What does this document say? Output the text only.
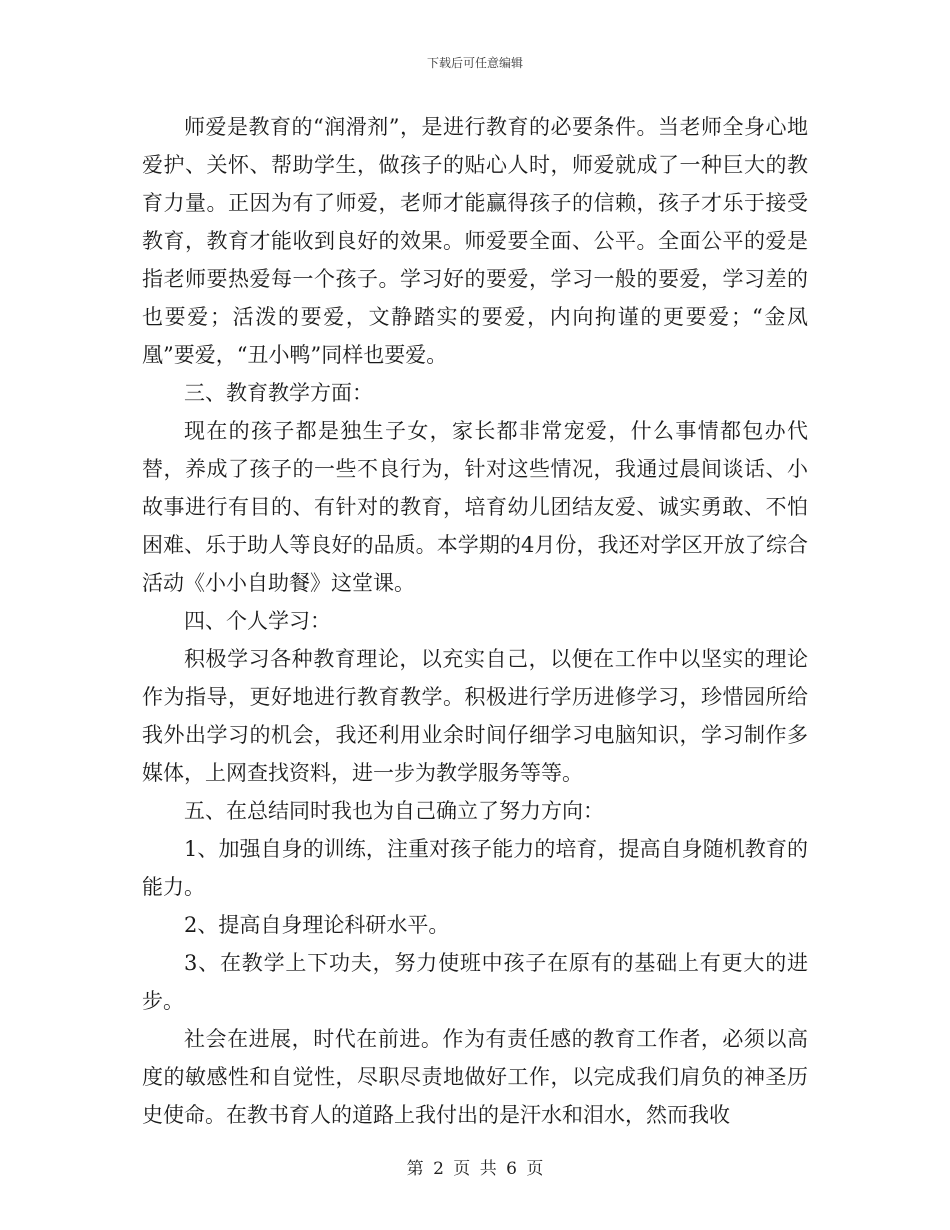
下载后可任意编辑

师爱是教育的“润滑剂”，是进行教育的必要条件。当老师全身心地爱护、关怀、帮助学生，做孩子的贴心人时，师爱就成了一种巨大的教育力量。正因为有了师爱，老师才能赢得孩子的信赖，孩子才乐于接受教育，教育才能收到良好的效果。师爱要全面、公平。全面公平的爱是指老师要热爱每一个孩子。学习好的要爱，学习一般的要爱，学习差的也要爱；活泼的要爱，文静踏实的要爱，内向拘谨的更要爱；“金凤凰”要爱，“丑小鸭”同样也要爱。

三、教育教学方面：

现在的孩子都是独生子女，家长都非常宠爱，什么事情都包办代替，养成了孩子的一些不良行为，针对这些情况，我通过晨间谈话、小故事进行有目的、有针对的教育，培育幼儿团结友爱、诚实勇敢、不怕困难、乐于助人等良好的品质。本学期的4月份，我还对学区开放了综合活动《小小自助餐》这堂课。

四、个人学习：

积极学习各种教育理论，以充实自己，以便在工作中以坚实的理论作为指导，更好地进行教育教学。积极进行学历进修学习，珍惜园所给我外出学习的机会，我还利用业余时间仔细学习电脑知识，学习制作多媒体，上网查找资料，进一步为教学服务等等。

五、在总结同时我也为自己确立了努力方向：

1、加强自身的训练，注重对孩子能力的培育，提高自身随机教育的能力。

2、提高自身理论科研水平。

3、在教学上下功夫，努力使班中孩子在原有的基础上有更大的进步。

社会在进展，时代在前进。作为有责任感的教育工作者，必须以高度的敏感性和自觉性，尽职尽责地做好工作，以完成我们肩负的神圣历史使命。在教书育人的道路上我付出的是汗水和泪水，然而我收

第 2 页 共 6 页
